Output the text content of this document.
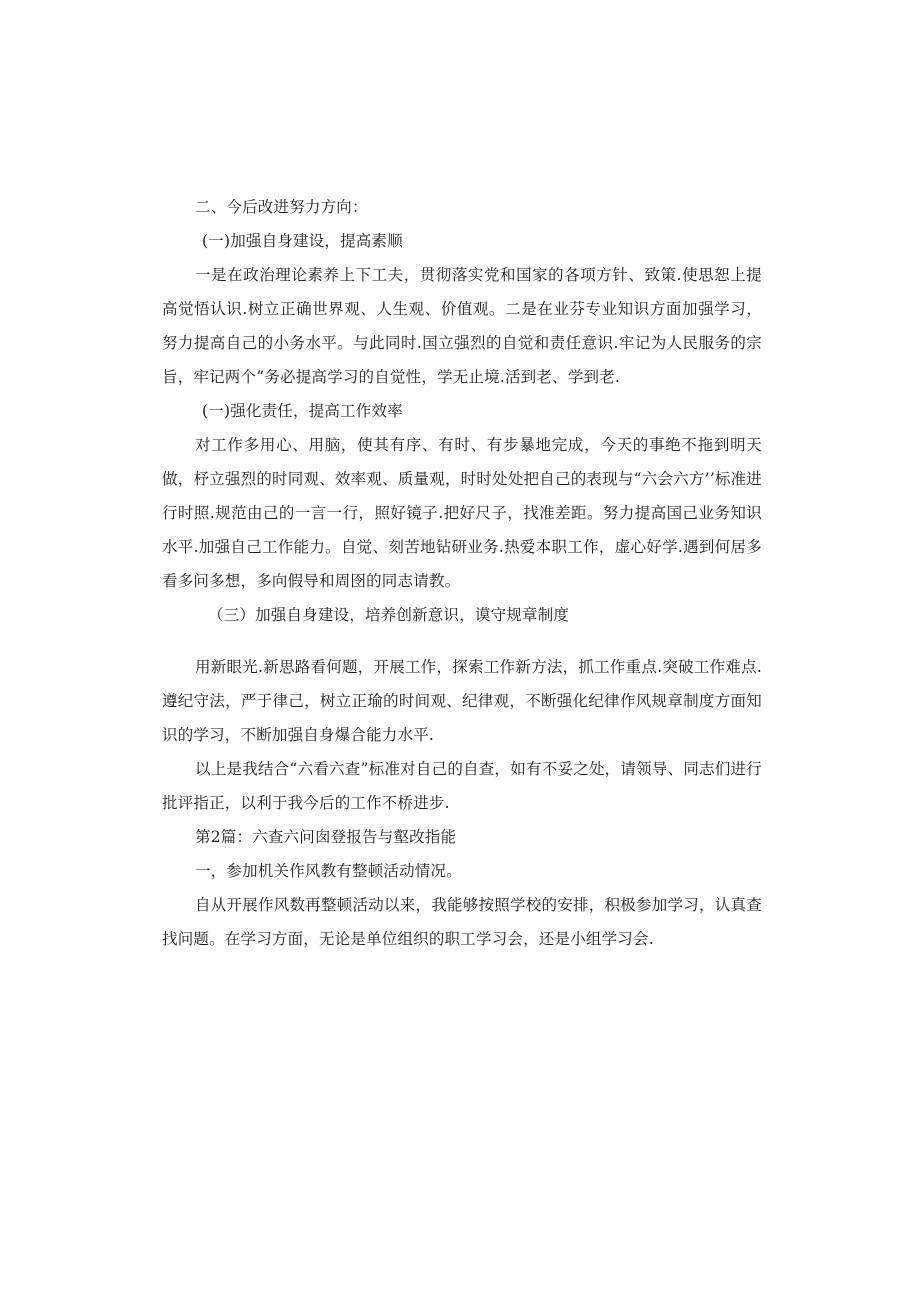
二、今后改进努力方向：
(一)加强自身建设，提高素顺
一是在政治理论素养上下工夫，贯彻落实党和国家的各项方针、致策.使思恕上提高觉悟认识.树立正确世界观、人生观、价值观。二是在业芬专业知识方面加强学习，努力提高自己的小务水平。与此同时.国立强烈的自觉和责任意识.牢记为人民服务的宗旨，牢记两个“务必提高学习的自觉性，学无止境.活到老、学到老.
(一)强化责任，提高工作效率
对工作多用心、用脑，使其有序、有时、有步暴地完成，今天的事绝不拖到明天做，杼立强烈的时同观、效率观、质量观，时时处处把自己的表现与“六会六方’’标准进行时照.规范由己的一言一行，照好镜子.把好尺子，找准差距。努力提高国己业务知识水平.加强自己工作能力。自觉、刻苦地钻研业务.热爱本职工作，虚心好学.遇到何居多看多问多想，多向假导和周囹的同志请教。
（三）加强自身建设，培养创新意识，谟守规章制度
用新眼光.新思路看何题，开展工作，探索工作新方法，抓工作重点.突破工作难点.遵纪守法，严于律己，树立正瑜的时间观、纪律观，不断强化纪律作风规章制度方面知识的学习，不断加强自身爆合能力水平.
以上是我结合“六看六查”标准对自己的自查，如有不妥之处，请领导、同志们进行批评指正，以利于我今后的工作不桥进步.
第2篇：六查六问囱登报告与壑改指能
一，参加机关作风教有整顿活动情况。
自从开展作风数再整顿活动以来，我能够按照学校的安排，积极参加学习，认真查找问题。在学习方面，无论是单位组织的职工学习会，还是小组学习会.
